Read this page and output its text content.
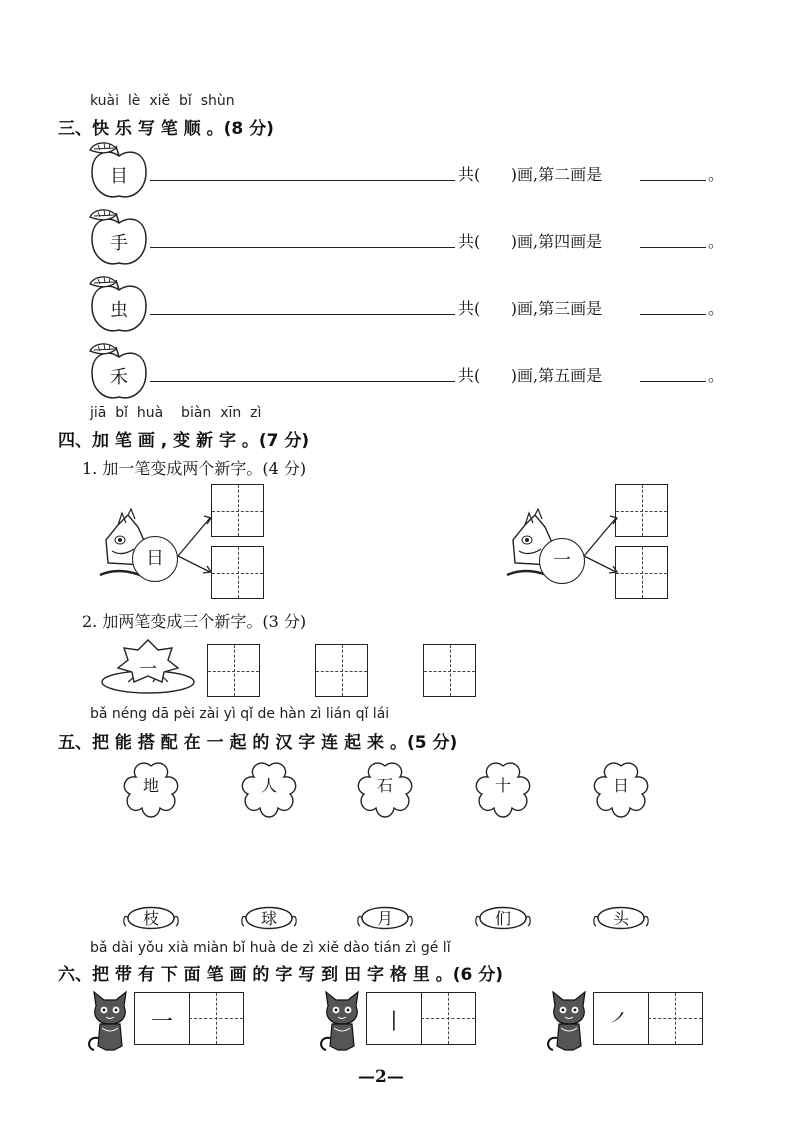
kuài  lè  xiě  bǐ  shùn
三、快 乐 写 笔 顺 。(8 分)
目	共(      )画,第二画是	。
手	共(      )画,第四画是	。
虫	共(      )画,第三画是	。
禾	共(      )画,第五画是	。
jiā  bǐ  huà    biàn  xīn  zì
四、加 笔 画 , 变 新 字 。(7 分)
1. 加一笔变成两个新字。(4 分)
日	一
2. 加两笔变成三个新字。(3 分)
一
bǎ néng dā pèi zài yì qǐ de hàn zì lián qǐ lái
五、把 能 搭 配 在 一 起 的 汉 字 连 起 来 。(5 分)
地	人	石	十	日
枝	球	月	们	头
bǎ dài yǒu xià miàn bǐ huà de zì xiě dào tián zì gé lǐ
六、把 带 有 下 面 笔 画 的 字 写 到 田 字 格 里 。(6 分)
一	丨	㇒
—2—
